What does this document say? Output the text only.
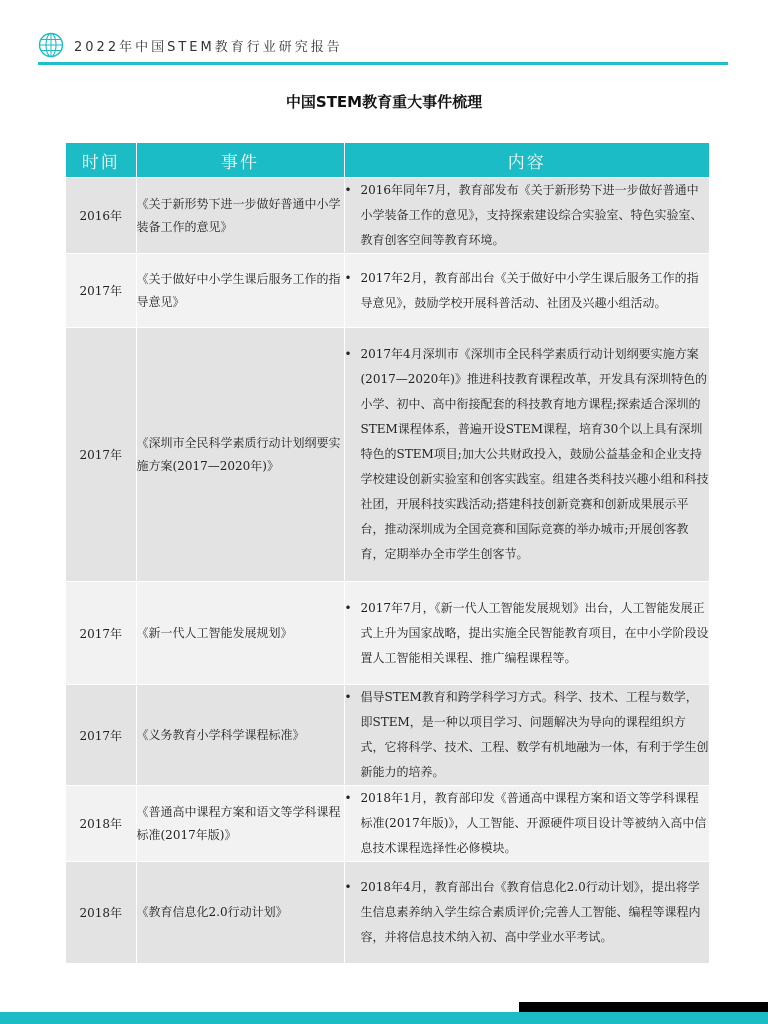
2022年中国STEM教育行业研究报告
中国STEM教育重大事件梳理
时间	事件	内容
2016年	《关于新形势下进一步做好普通中小学装备工作的意见》	• 2016年同年7月，教育部发布《关于新形势下进一步做好普通中小学装备工作的意见》，支持探索建设综合实验室、特色实验室、教育创客空间等教育环境。

2017年	《关于做好中小学生课后服务工作的指导意见》	• 2017年2月，教育部出台《关于做好中小学生课后服务工作的指导意见》，鼓励学校开展科普活动、社团及兴趣小组活动。

2017年	《深圳市全民科学素质行动计划纲要实施方案(2017—2020年)》	• 2017年4月深圳市《深圳市全民科学素质行动计划纲要实施方案(2017—2020年)》推进科技教育课程改革，开发具有深圳特色的小学、初中、高中衔接配套的科技教育地方课程;探索适合深圳的STEM课程体系，普遍开设STEM课程，培育30个以上具有深圳特色的STEM项目;加大公共财政投入，鼓励公益基金和企业支持学校建设创新实验室和创客实践室。组建各类科技兴趣小组和科技社团，开展科技实践活动;搭建科技创新竞赛和创新成果展示平台，推动深圳成为全国竞赛和国际竞赛的举办城市;开展创客教育，定期举办全市学生创客节。

2017年	《新一代人工智能发展规划》	• 2017年7月，《新一代人工智能发展规划》出台，人工智能发展正式上升为国家战略，提出实施全民智能教育项目，在中小学阶段设置人工智能相关课程、推广编程课程等。

2017年	《义务教育小学科学课程标准》	• 倡导STEM教育和跨学科学习方式。科学、技术、工程与数学，即STEM，是一种以项目学习、问题解决为导向的课程组织方式，它将科学、技术、工程、数学有机地融为一体，有利于学生创新能力的培养。

2018年	《普通高中课程方案和语文等学科课程标准(2017年版)》	• 2018年1月，教育部印发《普通高中课程方案和语文等学科课程标准(2017年版)》，人工智能、开源硬件项目设计等被纳入高中信息技术课程选择性必修模块。

2018年	《教育信息化2.0行动计划》	• 2018年4月，教育部出台《教育信息化2.0行动计划》，提出将学生信息素养纳入学生综合素质评价;完善人工智能、编程等课程内容，并将信息技术纳入初、高中学业水平考试。
